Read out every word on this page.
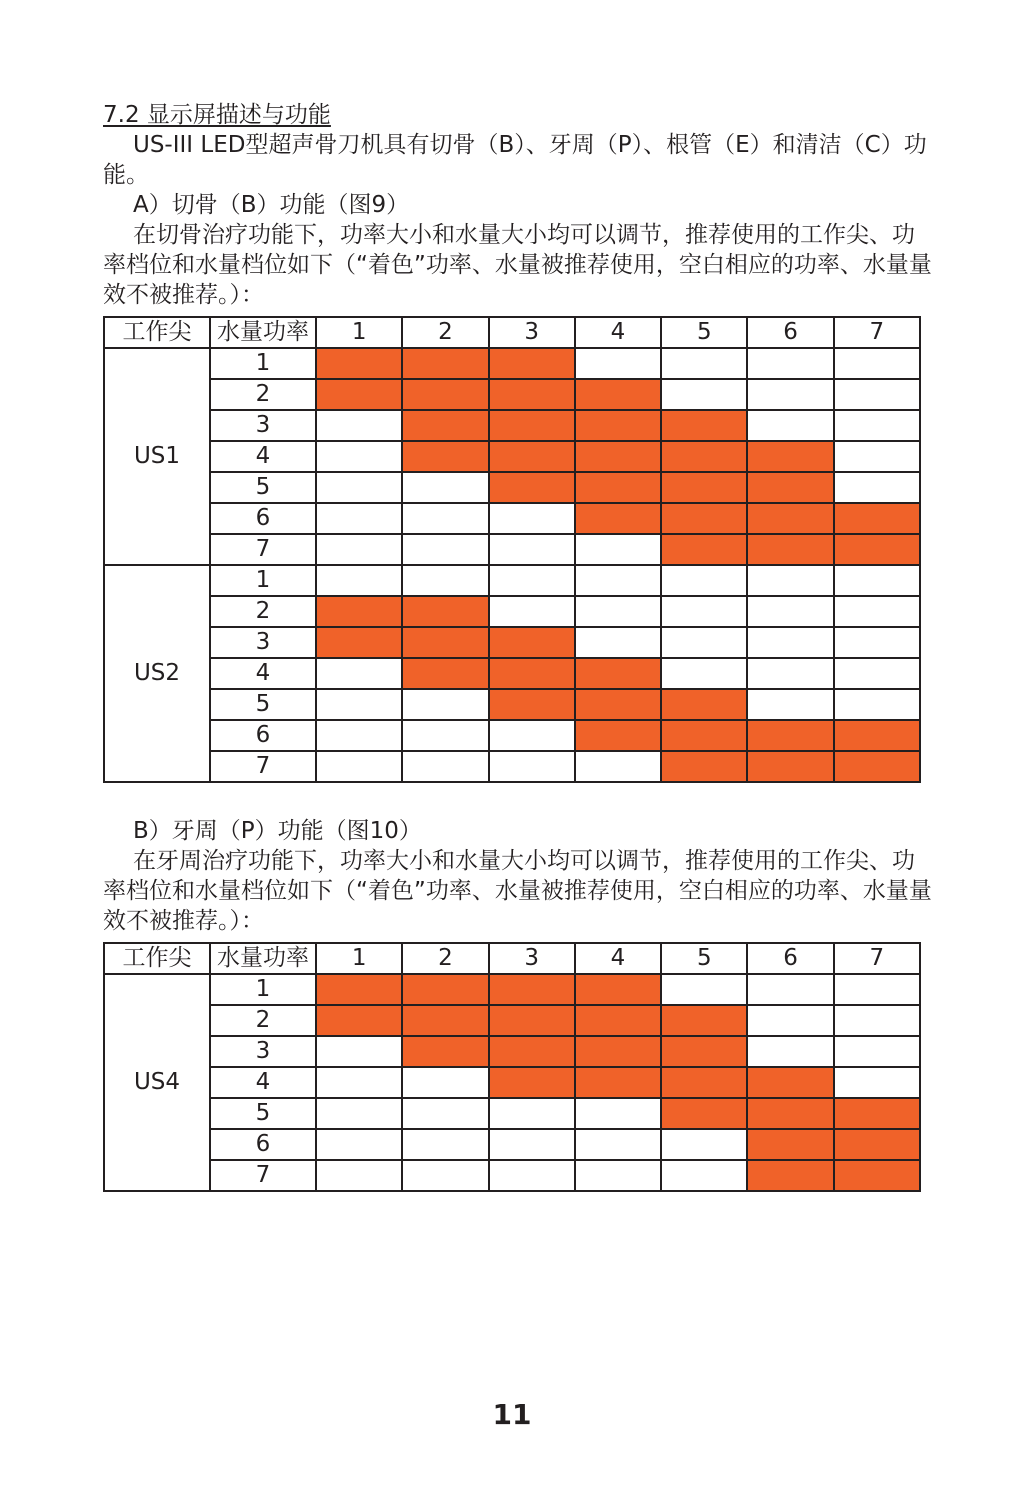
7.2 显示屏描述与功能
US-III LED型超声骨刀机具有切骨（B）、牙周（P）、根管（E）和清洁（C）功能。
A）切骨（B）功能（图9）
在切骨治疗功能下，功率大小和水量大小均可以调节，推荐使用的工作尖、功率档位和水量档位如下（“着色”功率、水量被推荐使用，空白相应的功率、水量量效不被推荐。）：
工作尖	水量功率	1	2	3	4	5	6	7
US1	1							
	2							
	3							
	4							
	5							
	6							
	7							
US2	1							
	2							
	3							
	4							
	5							
	6							
	7							
B）牙周（P）功能（图10）
在牙周治疗功能下，功率大小和水量大小均可以调节，推荐使用的工作尖、功率档位和水量档位如下（“着色”功率、水量被推荐使用，空白相应的功率、水量量效不被推荐。）：
工作尖	水量功率	1	2	3	4	5	6	7
US4	1							
	2							
	3							
	4							
	5							
	6							
	7							
11
